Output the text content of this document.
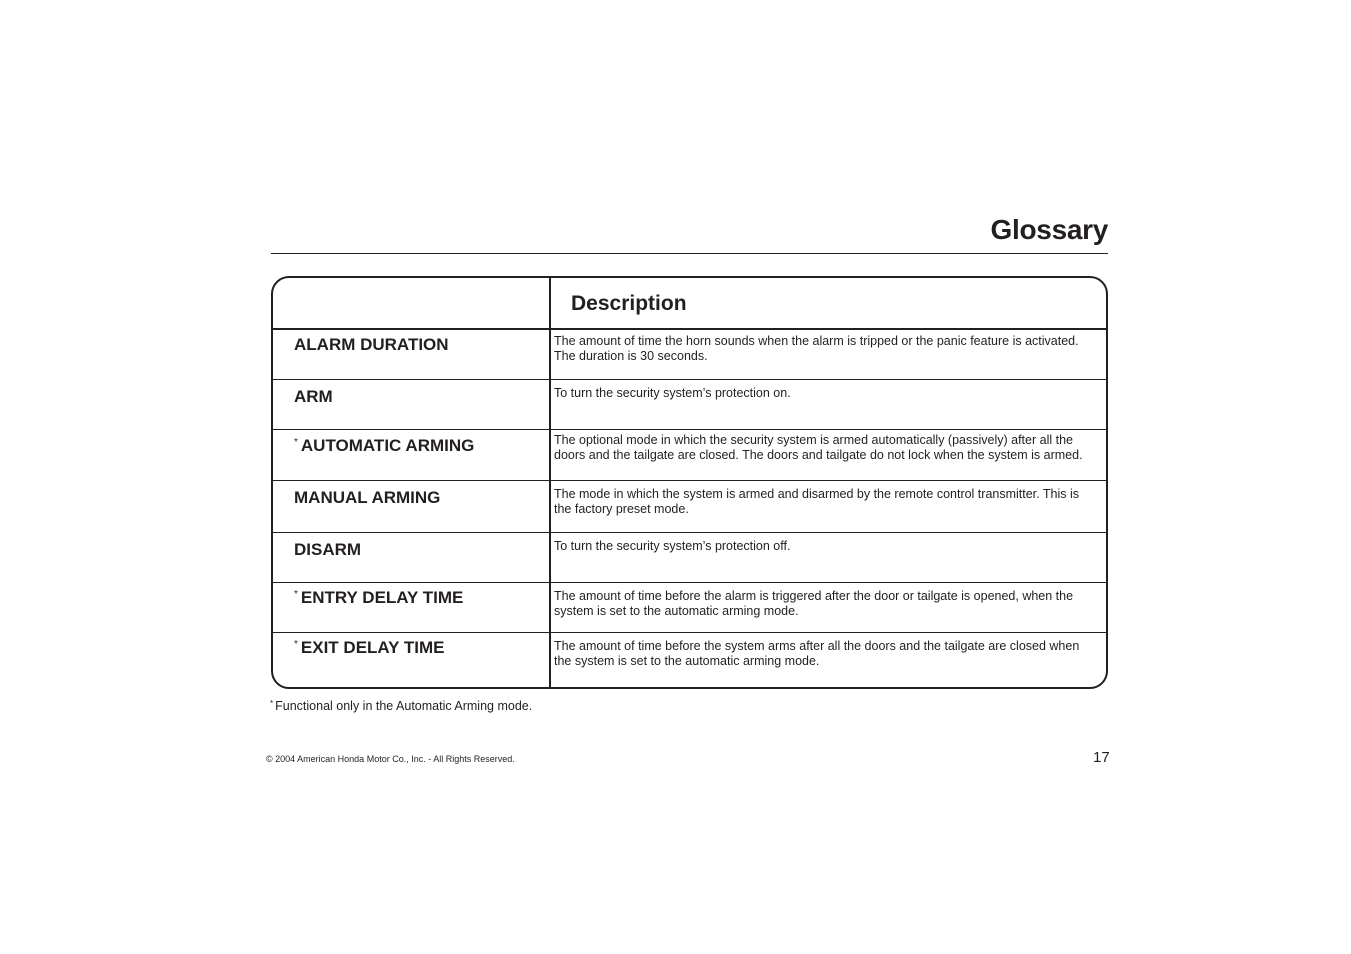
Glossary
Description
ALARM DURATION	The amount of time the horn sounds when the alarm is tripped or the panic feature is activated. The duration is 30 seconds.
ARM	To turn the security system’s protection on.
* AUTOMATIC ARMING	The optional mode in which the security system is armed automatically (passively) after all the doors and the tailgate are closed. The doors and tailgate do not lock when the system is armed.
MANUAL ARMING	The mode in which the system is armed and disarmed by the remote control transmitter. This is the factory preset mode.
DISARM	To turn the security system’s protection off.
* ENTRY DELAY TIME	The amount of time before the alarm is triggered after the door or tailgate is opened, when the system is set to the automatic arming mode.
* EXIT DELAY TIME	The amount of time before the system arms after all the doors and the tailgate are closed when the system is set to the automatic arming mode.
* Functional only in the Automatic Arming mode.
© 2004 American Honda Motor Co., Inc. - All Rights Reserved.	17
